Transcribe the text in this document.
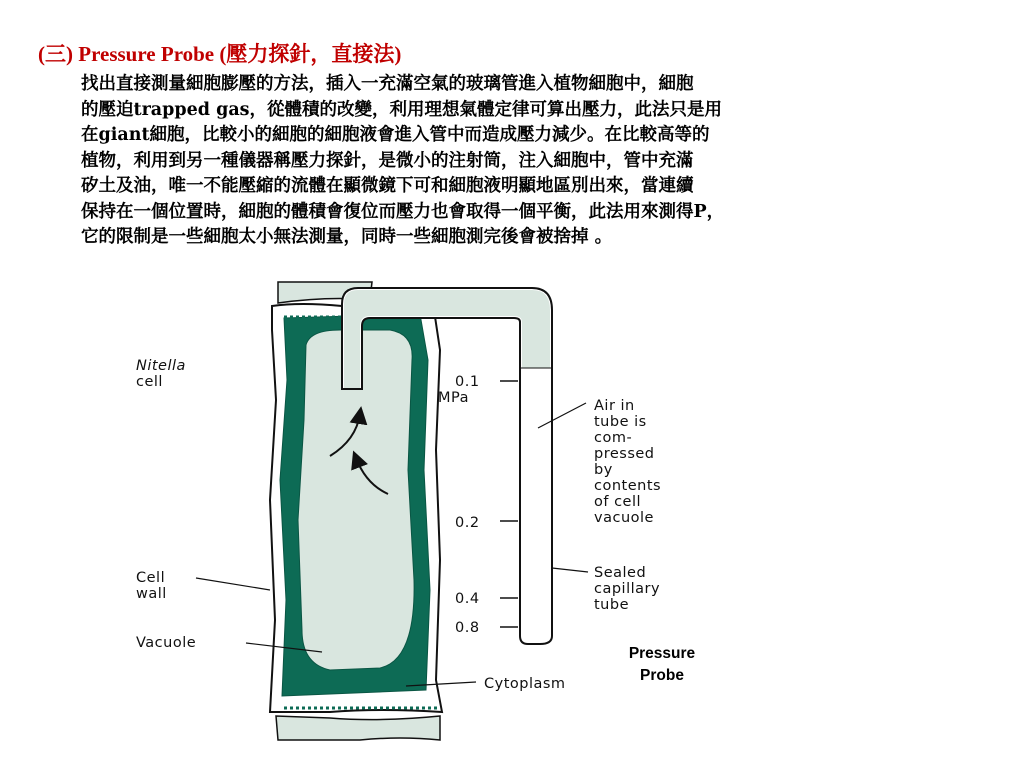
(三) Pressure Probe (壓力探針，直接法)
找出直接測量細胞膨壓的方法，插入一充滿空氣的玻璃管進入植物細胞中，細胞
的壓迫trapped gas，從體積的改變，利用理想氣體定律可算出壓力，此法只是用
在giant細胞，比較小的細胞的細胞液會進入管中而造成壓力減少。在比較高等的
植物，利用到另一種儀器稱壓力探針，是微小的注射筒，注入細胞中，管中充滿
矽土及油，唯一不能壓縮的流體在顯微鏡下可和細胞液明顯地區別出來，當連續
保持在一個位置時，細胞的體積會復位而壓力也會取得一個平衡，此法用來測得P，
它的限制是一些細胞太小無法測量，同時一些細胞測完後會被捨掉 。
0.1
MPa
0.2
0.4
0.8
Nitella
cell
Cell
wall
Vacuole
Cytoplasm
Air in
tube is
com-
pressed
by
contents
of cell
vacuole
Sealed
capillary
tube
Pressure
Probe
